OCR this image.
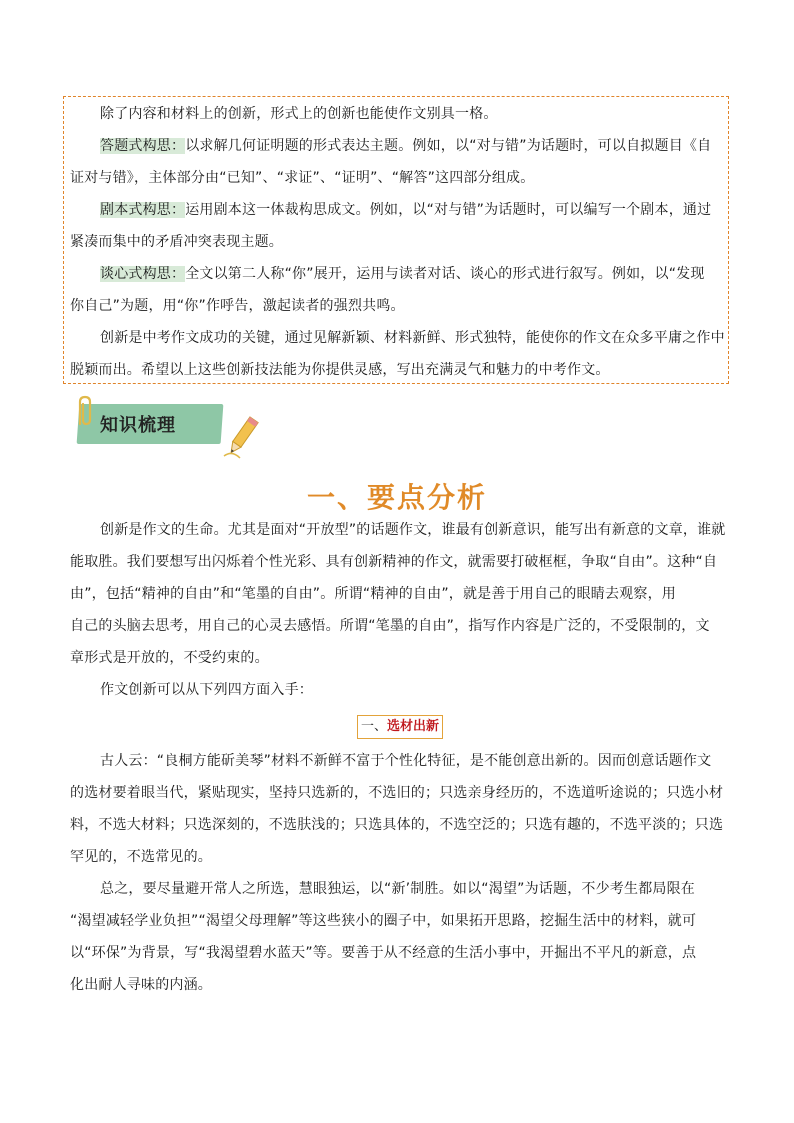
除了内容和材料上的创新，形式上的创新也能使作文别具一格。
答题式构思：以求解几何证明题的形式表达主题。例如，以“对与错”为话题时，可以自拟题目《自
证对与错》，主体部分由“已知”、“求证”、“证明”、“解答”这四部分组成。
剧本式构思：运用剧本这一体裁构思成文。例如，以“对与错”为话题时，可以编写一个剧本，通过
紧凑而集中的矛盾冲突表现主题。
谈心式构思：全文以第二人称“你”展开，运用与读者对话、谈心的形式进行叙写。例如，以“发现
你自己”为题，用“你”作呼告，激起读者的强烈共鸣。
创新是中考作文成功的关键，通过见解新颖、材料新鲜、形式独特，能使你的作文在众多平庸之作中
脱颖而出。希望以上这些创新技法能为你提供灵感，写出充满灵气和魅力的中考作文。
知识梳理
一、要点分析
创新是作文的生命。尤其是面对“开放型”的话题作文，谁最有创新意识，能写出有新意的文章，谁就
能取胜。我们要想写出闪烁着个性光彩、具有创新精神的作文，就需要打破框框，争取“自由”。这种“自
由”，包括“精神的自由”和“笔墨的自由”。所谓“精神的自由”，就是善于用自己的眼睛去观察，用
自己的头脑去思考，用自己的心灵去感悟。所谓“笔墨的自由”，指写作内容是广泛的，不受限制的，文
章形式是开放的，不受约束的。
作文创新可以从下列四方面入手：
一、选材出新
古人云：“良桐方能斫美琴”材料不新鲜不富于个性化特征，是不能创意出新的。因而创意话题作文
的选材要着眼当代，紧贴现实，坚持只选新的，不选旧的；只选亲身经历的，不选道听途说的；只选小材
料，不选大材料；只选深刻的，不选肤浅的；只选具体的，不选空泛的；只选有趣的，不选平淡的；只选
罕见的，不选常见的。
总之，要尽量避开常人之所选，慧眼独运，以“新’制胜。如以“渴望”为话题，不少考生都局限在
“渴望减轻学业负担”“渴望父母理解”等这些狭小的圈子中，如果拓开思路，挖掘生活中的材料，就可
以“环保”为背景，写“我渴望碧水蓝天”等。要善于从不经意的生活小事中，开掘出不平凡的新意，点
化出耐人寻味的内涵。
